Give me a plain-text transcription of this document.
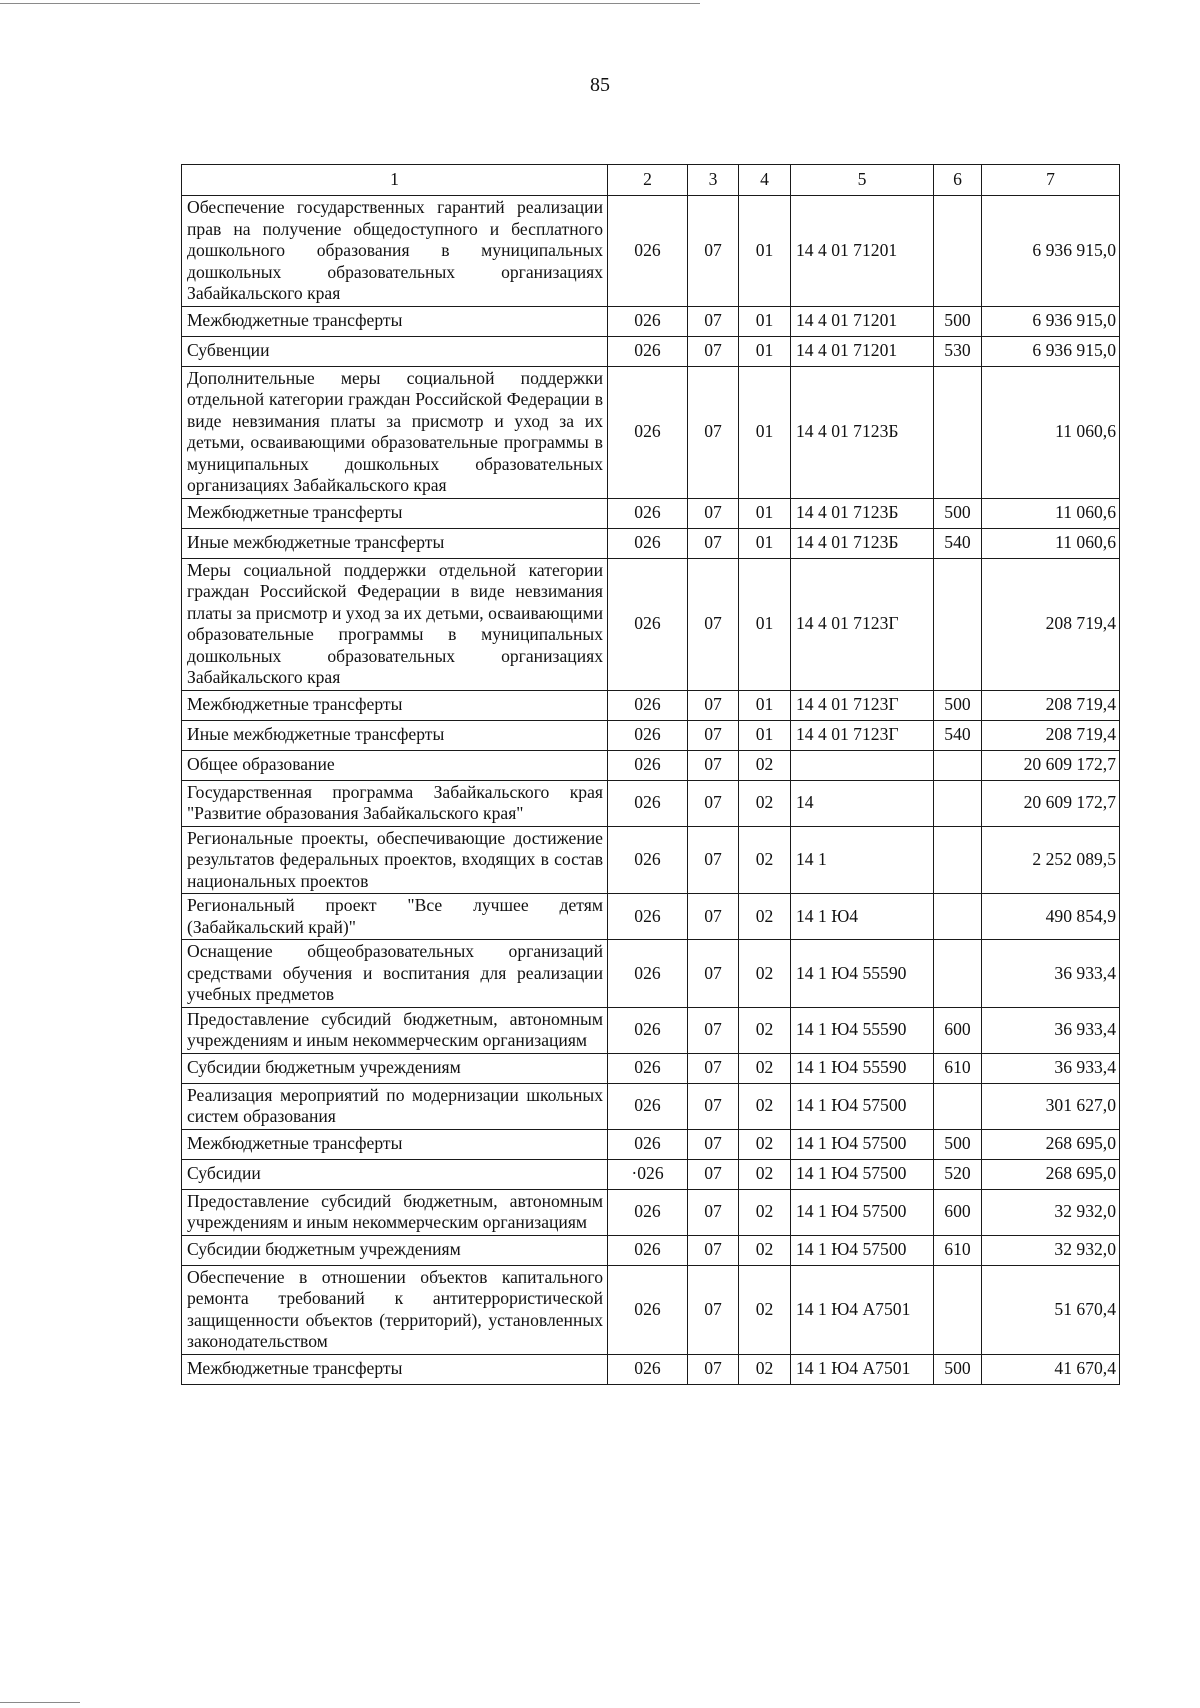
85
1	2	3	4	5	6	7
Обеспечение государственных гарантий реализации прав на получение общедоступного и бесплатного дошкольного образования в муниципальных дошкольных образовательных организациях Забайкальского края	026	07	01	14 4 01 71201		6 936 915,0
Межбюджетные трансферты	026	07	01	14 4 01 71201	500	6 936 915,0
Субвенции	026	07	01	14 4 01 71201	530	6 936 915,0
Дополнительные меры социальной поддержки отдельной категории граждан Российской Федерации в виде невзимания платы за присмотр и уход за их детьми, осваивающими образовательные программы в муниципальных дошкольных образовательных организациях Забайкальского края	026	07	01	14 4 01 7123Б		11 060,6
Межбюджетные трансферты	026	07	01	14 4 01 7123Б	500	11 060,6
Иные межбюджетные трансферты	026	07	01	14 4 01 7123Б	540	11 060,6
Меры социальной поддержки отдельной категории граждан Российской Федерации в виде невзимания платы за присмотр и уход за их детьми, осваивающими образовательные программы в муниципальных дошкольных образовательных организациях Забайкальского края	026	07	01	14 4 01 7123Г		208 719,4
Межбюджетные трансферты	026	07	01	14 4 01 7123Г	500	208 719,4
Иные межбюджетные трансферты	026	07	01	14 4 01 7123Г	540	208 719,4
Общее образование	026	07	02			20 609 172,7
Государственная программа Забайкальского края "Развитие образования Забайкальского края"	026	07	02	14		20 609 172,7
Региональные проекты, обеспечивающие достижение результатов федеральных проектов, входящих в состав национальных проектов	026	07	02	14 1		2 252 089,5
Региональный проект "Все лучшее детям (Забайкальский край)"	026	07	02	14 1 Ю4		490 854,9
Оснащение общеобразовательных организаций средствами обучения и воспитания для реализации учебных предметов	026	07	02	14 1 Ю4 55590		36 933,4
Предоставление субсидий бюджетным, автономным учреждениям и иным некоммерческим организациям	026	07	02	14 1 Ю4 55590	600	36 933,4
Субсидии бюджетным учреждениям	026	07	02	14 1 Ю4 55590	610	36 933,4
Реализация мероприятий по модернизации школьных систем образования	026	07	02	14 1 Ю4 57500		301 627,0
Межбюджетные трансферты	026	07	02	14 1 Ю4 57500	500	268 695,0
Субсидии	·026	07	02	14 1 Ю4 57500	520	268 695,0
Предоставление субсидий бюджетным, автономным учреждениям и иным некоммерческим организациям	026	07	02	14 1 Ю4 57500	600	32 932,0
Субсидии бюджетным учреждениям	026	07	02	14 1 Ю4 57500	610	32 932,0
Обеспечение в отношении объектов капитального ремонта требований к антитеррористической защищенности объектов (территорий), установленных законодательством	026	07	02	14 1 Ю4 A7501		51 670,4
Межбюджетные трансферты	026	07	02	14 1 Ю4 A7501	500	41 670,4
